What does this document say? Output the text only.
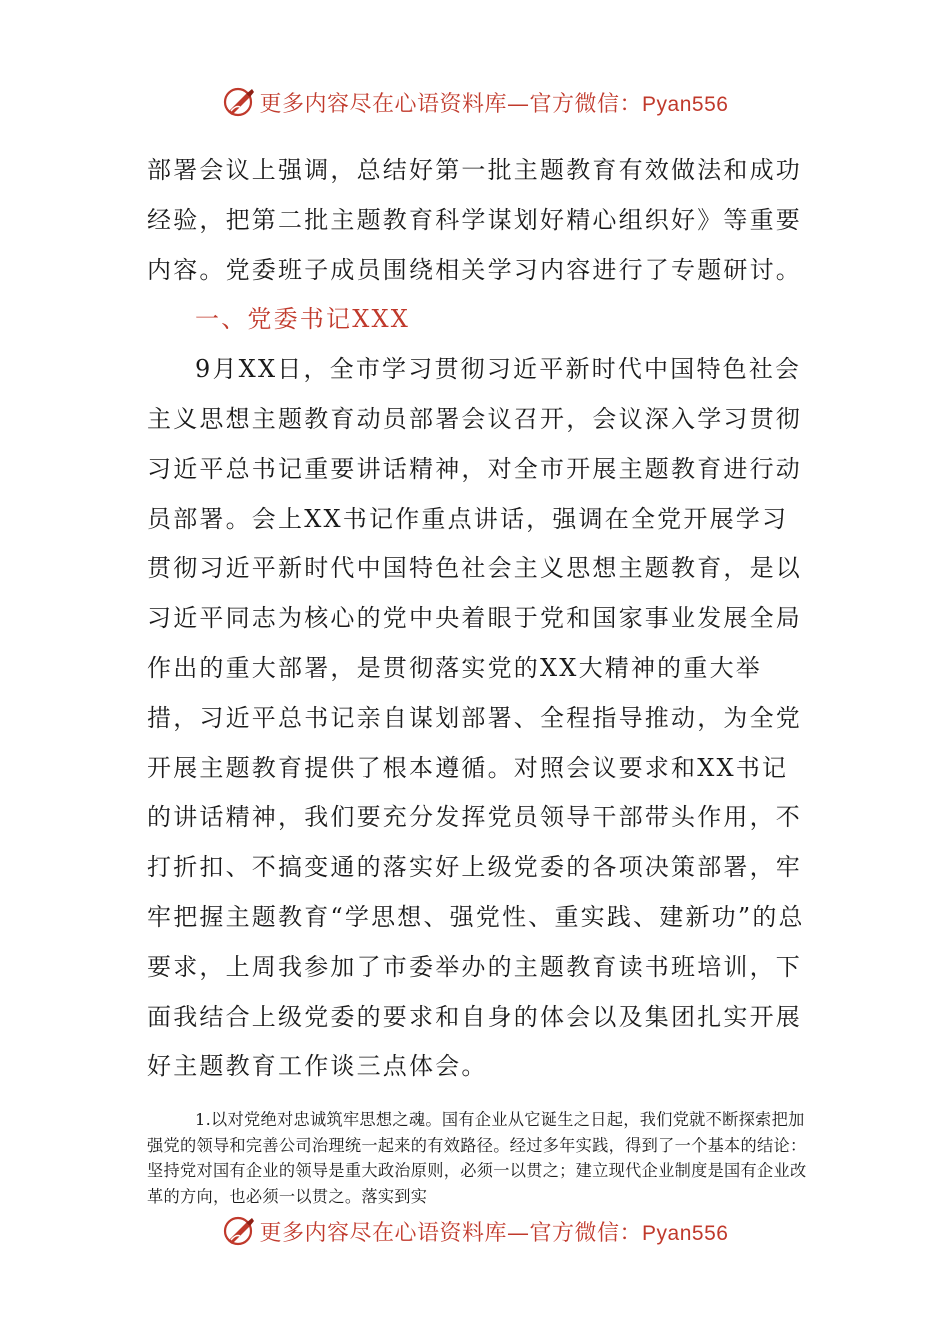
更多内容尽在心语资料库—官方微信：Pyan556

部署会议上强调，总结好第一批主题教育有效做法和成功经验，把第二批主题教育科学谋划好精心组织好》等重要内容。党委班子成员围绕相关学习内容进行了专题研讨。

一、党委书记XXX

9月XX日，全市学习贯彻习近平新时代中国特色社会主义思想主题教育动员部署会议召开，会议深入学习贯彻习近平总书记重要讲话精神，对全市开展主题教育进行动员部署。会上XX书记作重点讲话，强调在全党开展学习贯彻习近平新时代中国特色社会主义思想主题教育，是以习近平同志为核心的党中央着眼于党和国家事业发展全局作出的重大部署，是贯彻落实党的XX大精神的重大举措，习近平总书记亲自谋划部署、全程指导推动，为全党开展主题教育提供了根本遵循。对照会议要求和XX书记的讲话精神，我们要充分发挥党员领导干部带头作用，不打折扣、不搞变通的落实好上级党委的各项决策部署，牢牢把握主题教育“学思想、强党性、重实践、建新功”的总要求，上周我参加了市委举办的主题教育读书班培训，下面我结合上级党委的要求和自身的体会以及集团扎实开展好主题教育工作谈三点体会。

1.以对党绝对忠诚筑牢思想之魂。国有企业从它诞生之日起，我们党就不断探索把加强党的领导和完善公司治理统一起来的有效路径。经过多年实践，得到了一个基本的结论：坚持党对国有企业的领导是重大政治原则，必须一以贯之；建立现代企业制度是国有企业改革的方向，也必须一以贯之。落实到实

更多内容尽在心语资料库—官方微信：Pyan556
